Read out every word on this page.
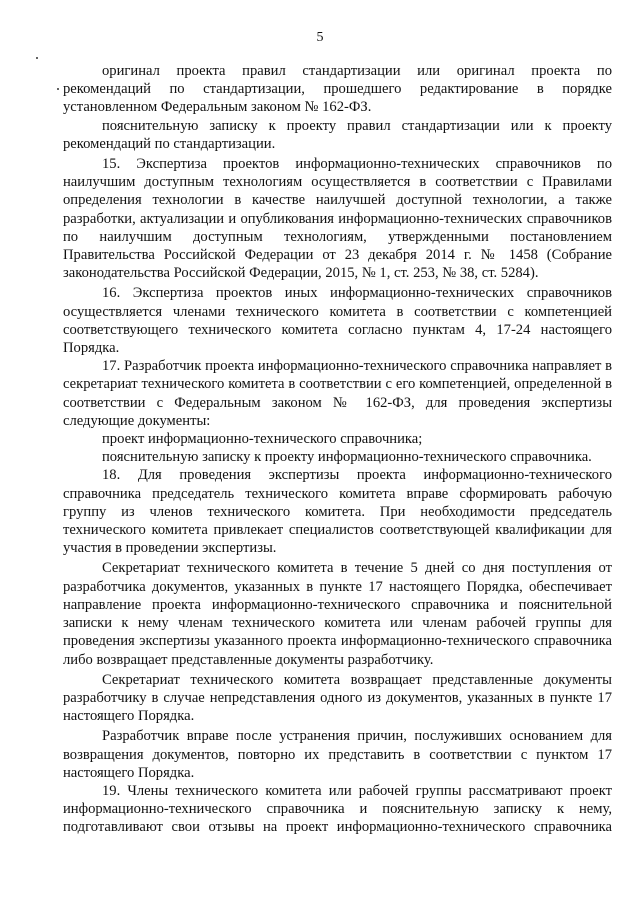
5

оригинал проекта правил стандартизации или оригинал проекта по рекомендаций по стандартизации, прошедшего редактирование в порядке установленном Федеральным законом № 162-ФЗ.

пояснительную записку к проекту правил стандартизации или к проекту рекомендаций по стандартизации.

15. Экспертиза проектов информационно-технических справочников по наилучшим доступным технологиям осуществляется в соответствии с Правилами определения технологии в качестве наилучшей доступной технологии, а также разработки, актуализации и опубликования информационно-технических справочников по наилучшим доступным технологиям, утвержденными постановлением Правительства Российской Федерации от 23 декабря 2014 г. № 1458 (Собрание законодательства Российской Федерации, 2015, № 1, ст. 253, № 38, ст. 5284).

16. Экспертиза проектов иных информационно-технических справочников осуществляется членами технического комитета в соответствии с компетенцией соответствующего технического комитета согласно пунктам 4, 17-24 настоящего Порядка.

17. Разработчик проекта информационно-технического справочника направляет в секретариат технического комитета в соответствии с его компетенцией, определенной в соответствии с Федеральным законом № 162-ФЗ, для проведения экспертизы следующие документы:

проект информационно-технического справочника;

пояснительную записку к проекту информационно-технического справочника.

18. Для проведения экспертизы проекта информационно-технического справочника председатель технического комитета вправе сформировать рабочую группу из членов технического комитета. При необходимости председатель технического комитета привлекает специалистов соответствующей квалификации для участия в проведении экспертизы.

Секретариат технического комитета в течение 5 дней со дня поступления от разработчика документов, указанных в пункте 17 настоящего Порядка, обеспечивает направление проекта информационно-технического справочника и пояснительной записки к нему членам технического комитета или членам рабочей группы для проведения экспертизы указанного проекта информационно-технического справочника либо возвращает представленные документы разработчику.

Секретариат технического комитета возвращает представленные документы разработчику в случае непредставления одного из документов, указанных в пункте 17 настоящего Порядка.

Разработчик вправе после устранения причин, послуживших основанием для возвращения документов, повторно их представить в соответствии с пунктом 17 настоящего Порядка.

19. Члены технического комитета или рабочей группы рассматривают проект информационно-технического справочника и пояснительную записку к нему, подготавливают свои отзывы на проект информационно-технического справочника
